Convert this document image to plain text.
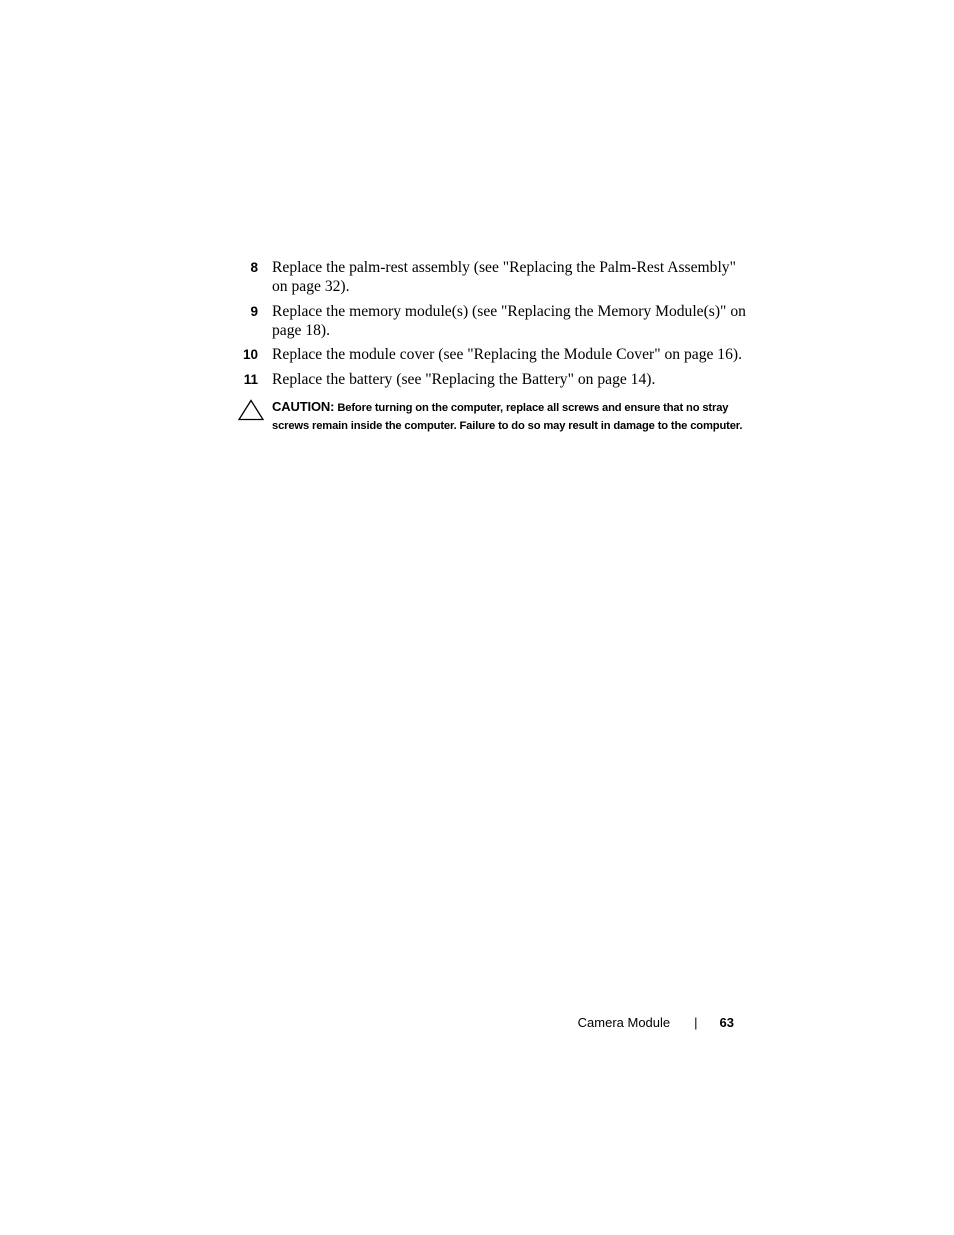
8 Replace the palm-rest assembly (see "Replacing the Palm-Rest Assembly" on page 32).
9 Replace the memory module(s) (see "Replacing the Memory Module(s)" on page 18).
10 Replace the module cover (see "Replacing the Module Cover" on page 16).
11 Replace the battery (see "Replacing the Battery" on page 14).
CAUTION: Before turning on the computer, replace all screws and ensure that no stray screws remain inside the computer. Failure to do so may result in damage to the computer.
Camera Module | 63
